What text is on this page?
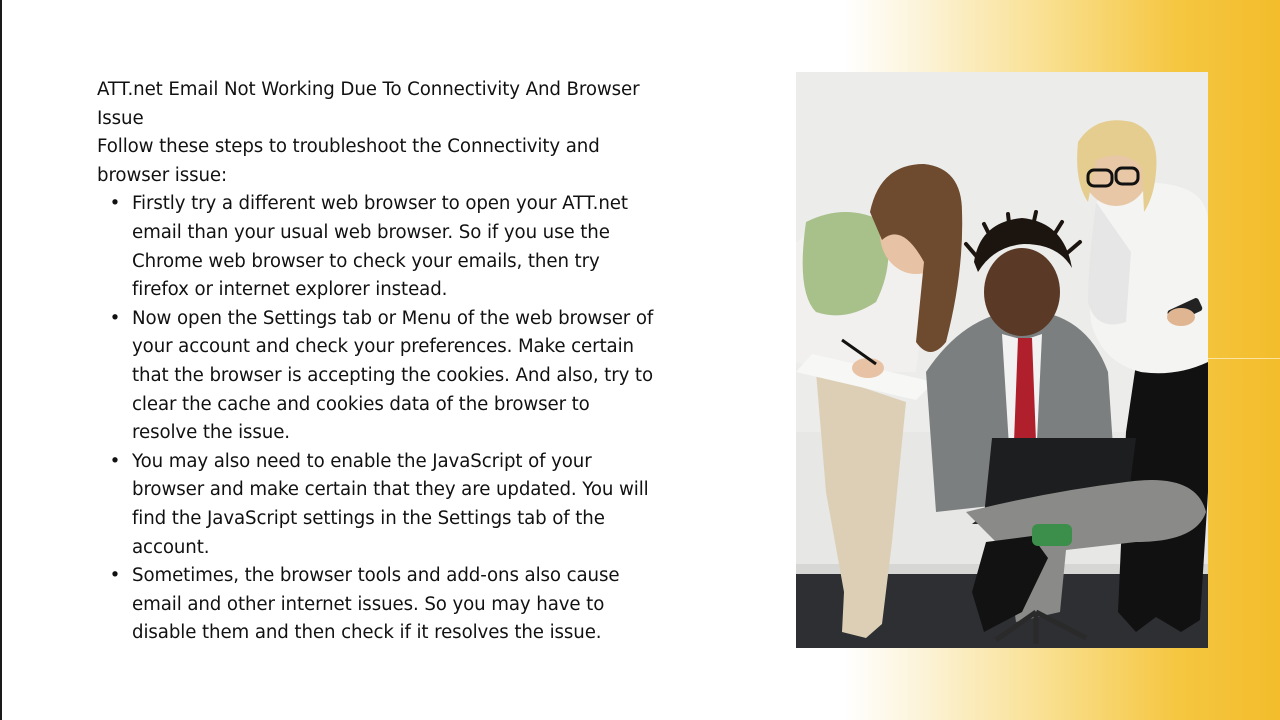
ATT.net Email Not Working Due To Connectivity And Browser Issue

Follow these steps to troubleshoot the Connectivity and browser issue:

• Firstly try a different web browser to open your ATT.net email than your usual web browser. So if you use the Chrome web browser to check your emails, then try firefox or internet explorer instead.
• Now open the Settings tab or Menu of the web browser of your account and check your preferences. Make certain that the browser is accepting the cookies. And also, try to clear the cache and cookies data of the browser to resolve the issue.
• You may also need to enable the JavaScript of your browser and make certain that they are updated. You will find the JavaScript settings in the Settings tab of the account.
• Sometimes, the browser tools and add-ons also cause email and other internet issues. So you may have to disable them and then check if it resolves the issue.
